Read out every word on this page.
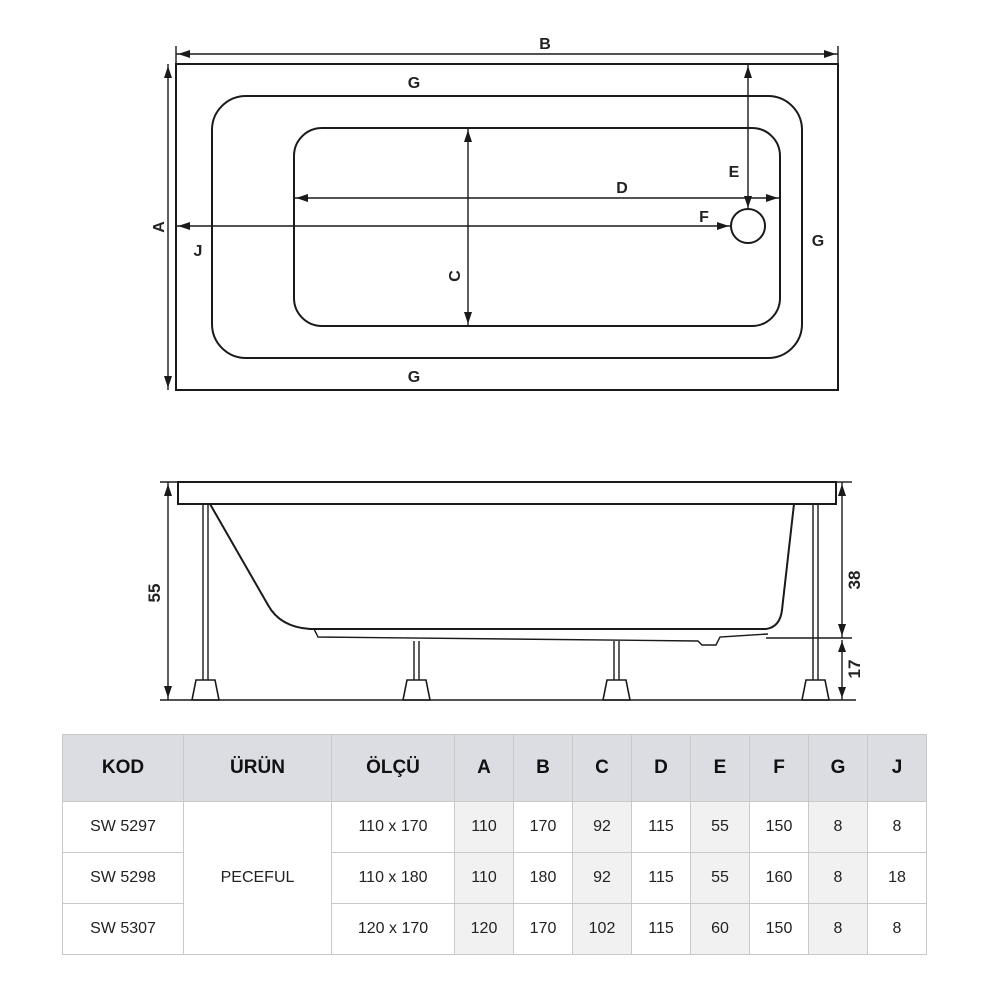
B
A
G
G
G
C
D
E
F
J
55
38
17
KOD	ÜRÜN	ÖLÇÜ	A	B	C	D	E	F	G	J
SW 5297	PECEFUL	110 x 170	110	170	92	115	55	150	8	8
SW 5298		110 x 180	110	180	92	115	55	160	8	18
SW 5307		120 x 170	120	170	102	115	60	150	8	8
